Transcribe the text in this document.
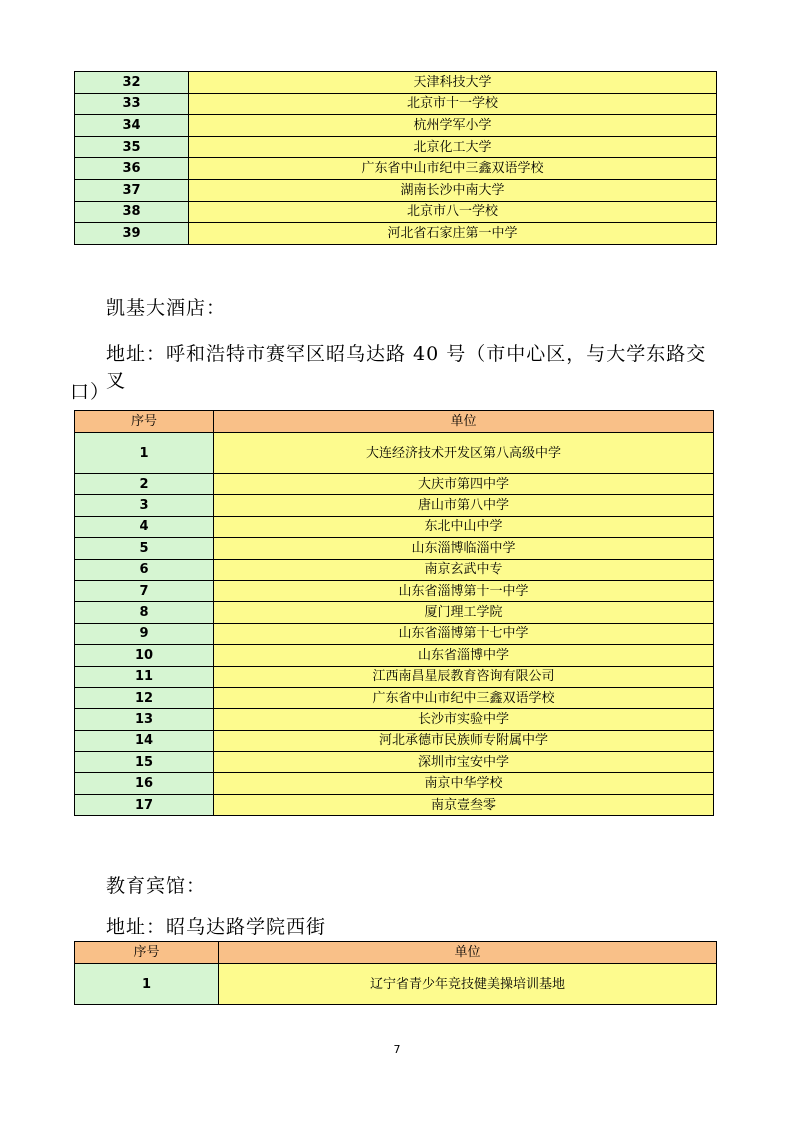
32	天津科技大学
33	北京市十一学校
34	杭州学军小学
35	北京化工大学
36	广东省中山市纪中三鑫双语学校
37	湖南长沙中南大学
38	北京市八一学校
39	河北省石家庄第一中学
凯基大酒店：
地址：呼和浩特市赛罕区昭乌达路 40 号（市中心区，与大学东路交叉
口）
序号	单位
1	大连经济技术开发区第八高级中学
2	大庆市第四中学
3	唐山市第八中学
4	东北中山中学
5	山东淄博临淄中学
6	南京玄武中专
7	山东省淄博第十一中学
8	厦门理工学院
9	山东省淄博第十七中学
10	山东省淄博中学
11	江西南昌星辰教育咨询有限公司
12	广东省中山市纪中三鑫双语学校
13	长沙市实验中学
14	河北承德市民族师专附属中学
15	深圳市宝安中学
16	南京中华学校
17	南京壹叁零
教育宾馆：
地址：昭乌达路学院西街
序号	单位
1	辽宁省青少年竞技健美操培训基地
7
